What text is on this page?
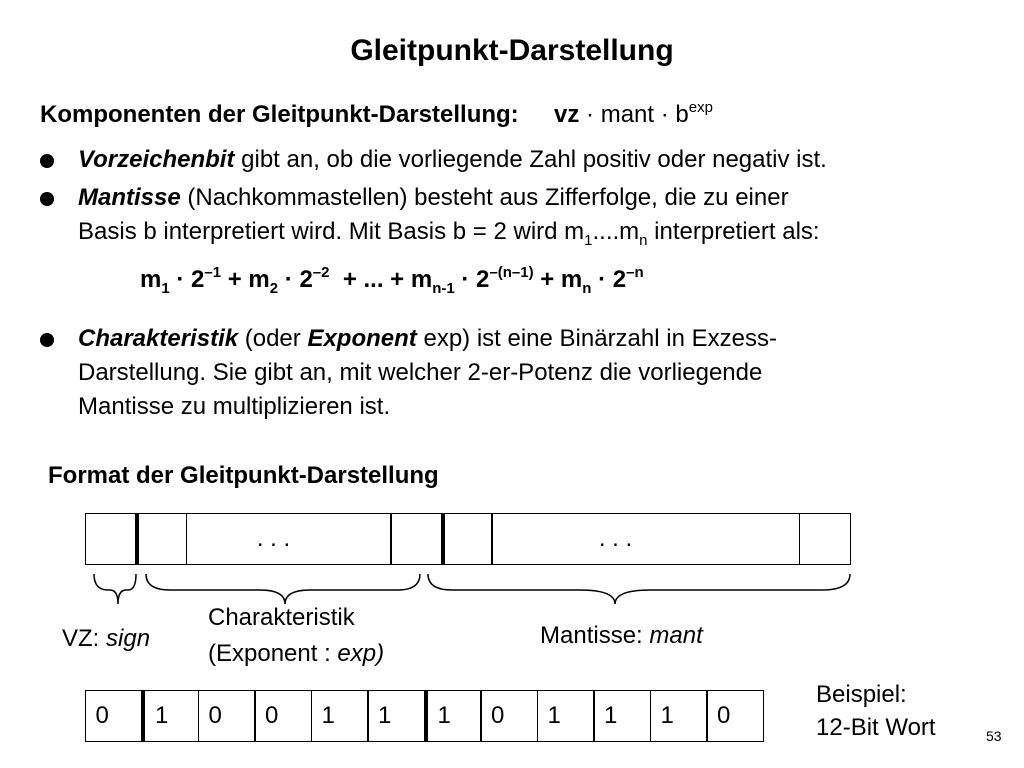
Gleitpunkt-Darstellung
Komponenten der Gleitpunkt-Darstellung: vz · mant · $b^{exp}$
Vorzeichenbit gibt an, ob die vorliegende Zahl positiv oder negativ ist.
Mantisse (Nachkommastellen) besteht aus Zifferfolge, die zu einer
Basis b interpretiert wird. Mit Basis b = 2 wird $m_1....m_n$ interpretiert als:
$m_1 \cdot 2^{-1} + m_2 \cdot 2^{-2}$  + ... + $m_{n-1} \cdot 2^{-(n-1)} + m_n \cdot 2^{-n}$
Charakteristik (oder Exponent exp) ist eine Binärzahl in Exzess-
Darstellung. Sie gibt an, mit welcher 2-er-Potenz die vorliegende
Mantisse zu multiplizieren ist.
Format der Gleitpunkt-Darstellung
. . .	. . .
VZ: sign
Charakteristik
(Exponent : exp)
Mantisse: mant
0	1	0	0	1	1	1	0	1	1	1	0
Beispiel:
12-Bit Wort	53
